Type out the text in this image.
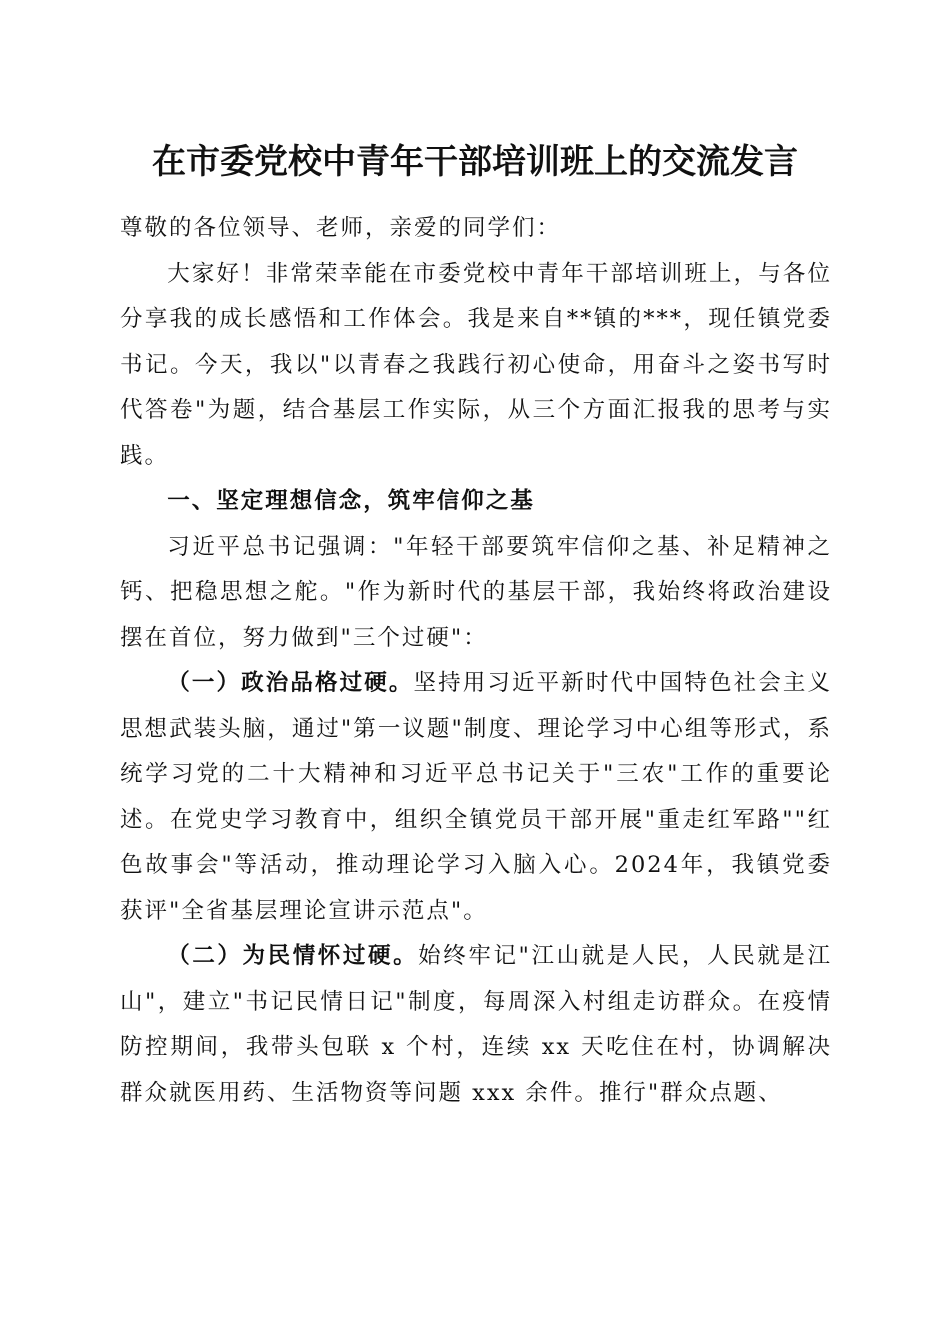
在市委党校中青年干部培训班上的交流发言

尊敬的各位领导、老师，亲爱的同学们：

大家好！非常荣幸能在市委党校中青年干部培训班上，与各位分享我的成长感悟和工作体会。我是来自**镇的***，现任镇党委书记。今天，我以"以青春之我践行初心使命，用奋斗之姿书写时代答卷"为题，结合基层工作实际，从三个方面汇报我的思考与实践。

一、坚定理想信念，筑牢信仰之基

习近平总书记强调："年轻干部要筑牢信仰之基、补足精神之钙、把稳思想之舵。"作为新时代的基层干部，我始终将政治建设摆在首位，努力做到"三个过硬"：

（一）政治品格过硬。坚持用习近平新时代中国特色社会主义思想武装头脑，通过"第一议题"制度、理论学习中心组等形式，系统学习党的二十大精神和习近平总书记关于"三农"工作的重要论述。在党史学习教育中，组织全镇党员干部开展"重走红军路""红色故事会"等活动，推动理论学习入脑入心。2024年，我镇党委获评"全省基层理论宣讲示范点"。

（二）为民情怀过硬。始终牢记"江山就是人民，人民就是江山"，建立"书记民情日记"制度，每周深入村组走访群众。在疫情防控期间，我带头包联 x 个村，连续 xx 天吃住在村，协调解决群众就医用药、生活物资等问题 xxx 余件。推行"群众点题、
